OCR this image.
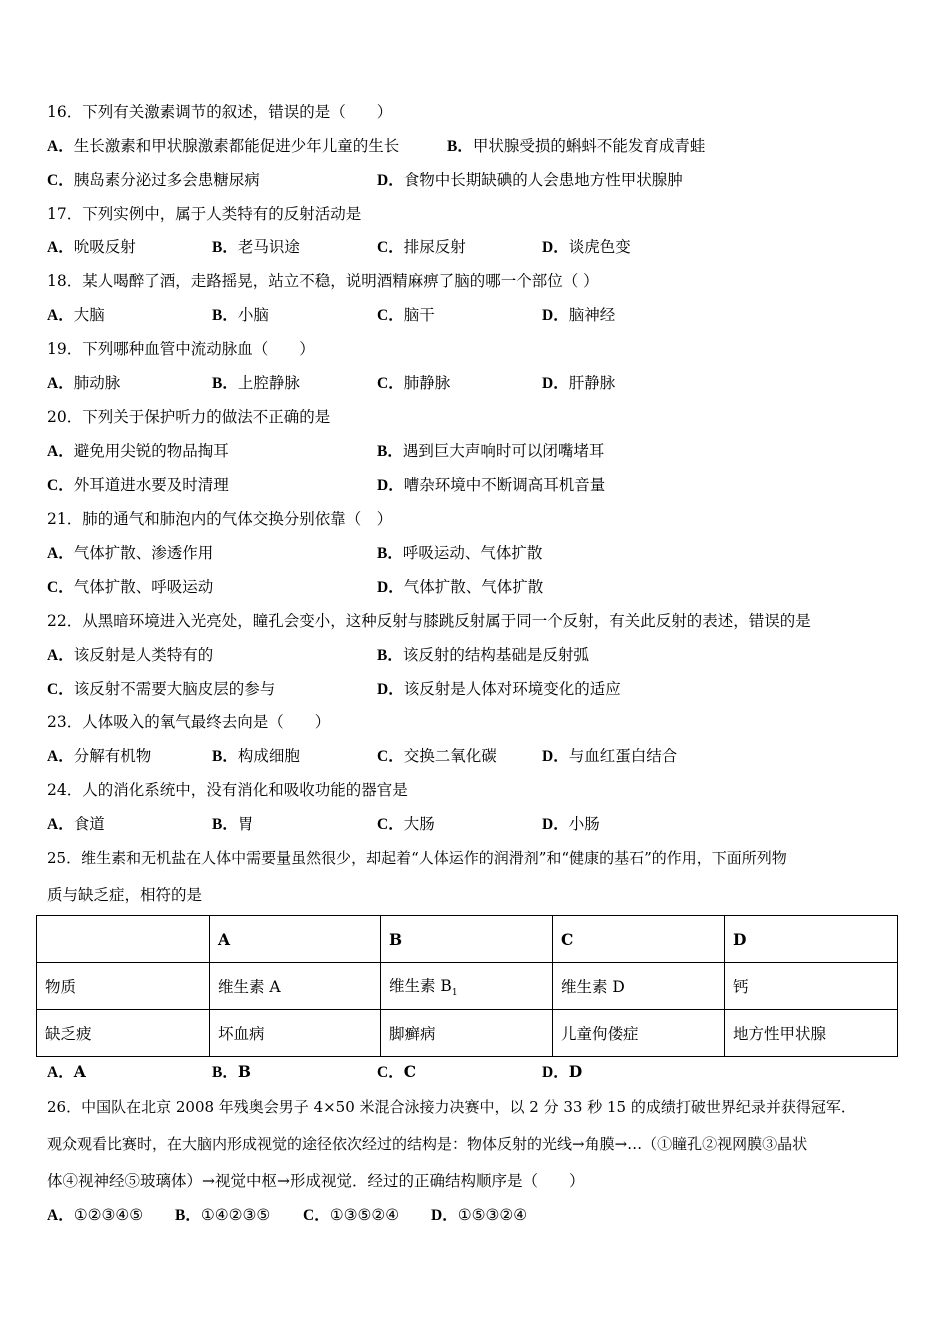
16．下列有关激素调节的叙述，错误的是（　　）
A．生长激素和甲状腺激素都能促进少年儿童的生长	B．甲状腺受损的蝌蚪不能发育成青蛙
C．胰岛素分泌过多会患糖尿病	D．食物中长期缺碘的人会患地方性甲状腺肿
17．下列实例中，属于人类特有的反射活动是
A．吮吸反射	B．老马识途	C．排尿反射	D．谈虎色变
18．某人喝醉了酒，走路摇晃，站立不稳，说明酒精麻痹了脑的哪一个部位（ ）
A．大脑	B．小脑	C．脑干	D．脑神经
19．下列哪种血管中流动脉血（　　）
A．肺动脉	B．上腔静脉	C．肺静脉	D．肝静脉
20．下列关于保护听力的做法不正确的是
A．避免用尖锐的物品掏耳	B．遇到巨大声响时可以闭嘴堵耳
C．外耳道进水要及时清理	D．嘈杂环境中不断调高耳机音量
21．肺的通气和肺泡内的气体交换分别依靠（　）
A．气体扩散、渗透作用	B．呼吸运动、气体扩散
C．气体扩散、呼吸运动	D．气体扩散、气体扩散
22．从黑暗环境进入光亮处，瞳孔会变小，这种反射与膝跳反射属于同一个反射，有关此反射的表述，错误的是
A．该反射是人类特有的	B．该反射的结构基础是反射弧
C．该反射不需要大脑皮层的参与	D．该反射是人体对环境变化的适应
23．人体吸入的氧气最终去向是（　　）
A．分解有机物	B．构成细胞	C．交换二氧化碳	D．与血红蛋白结合
24．人的消化系统中，没有消化和吸收功能的器官是
A．食道	B．胃	C．大肠	D．小肠
25．维生素和无机盐在人体中需要量虽然很少，却起着“人体运作的润滑剂”和“健康的基石”的作用，下面所列物
质与缺乏症，相符的是
	A	B	C	D
物质	维生素 A	维生素 $B_1$	维生素 D	钙
缺乏疲	坏血病	脚癣病	儿童佝偻症	地方性甲状腺
A．A	B．B	C．C	D．D
26．中国队在北京 2008 年残奥会男子 4×50 米混合泳接力决赛中，以 2 分 33 秒 15 的成绩打破世界纪录并获得冠军．
观众观看比赛时，在大脑内形成视觉的途径依次经过的结构是：物体反射的光线→角膜→…（①瞳孔②视网膜③晶状
体④视神经⑤玻璃体）→视觉中枢→形成视觉．经过的正确结构顺序是（　　）
A．①②③④⑤ B．①④②③⑤ C．①③⑤②④ D．①⑤③②④
